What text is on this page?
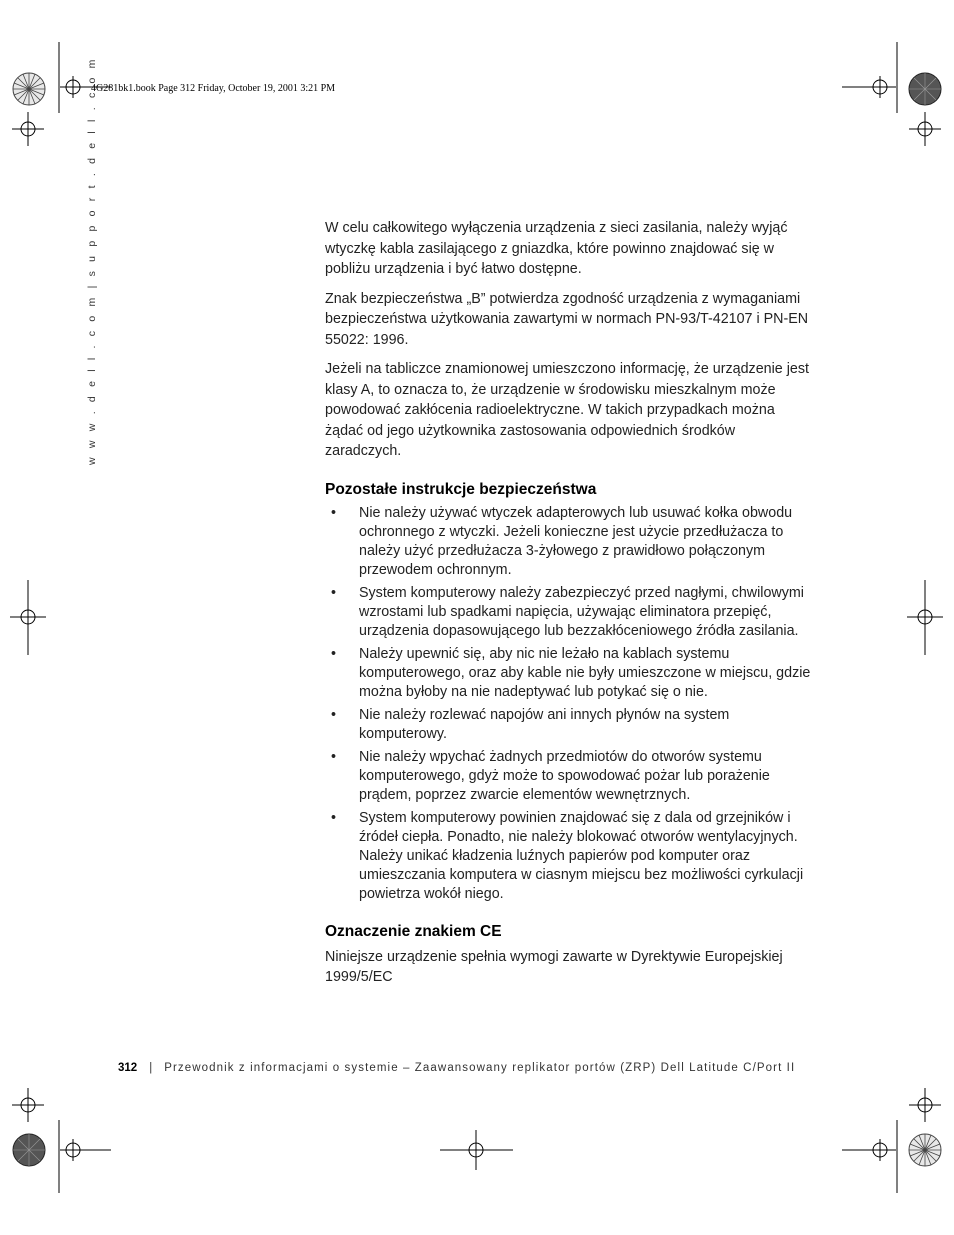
4G281bk1.book Page 312 Friday, October 19, 2001 3:21 PM
w w w . d e l l . c o m | s u p p o r t . d e l l . c o m	W celu całkowitego wyłączenia urządzenia z sieci zasilania, należy wyjąć wtyczkę kabla zasilającego z gniazdka, które powinno znajdować się w pobliżu urządzenia i być łatwo dostępne.

Znak bezpieczeństwa „B” potwierdza zgodność urządzenia z wymaganiami bezpieczeństwa użytkowania zawartymi w normach PN-93/T-42107 i PN-EN 55022: 1996.

Jeżeli na tabliczce znamionowej umieszczono informację, że urządzenie jest klasy A, to oznacza to, że urządzenie w środowisku mieszkalnym może powodować zakłócenia radioelektryczne. W takich przypadkach można żądać od jego użytkownika zastosowania odpowiednich środków zaradczych.

Pozostałe instrukcje bezpieczeństwa
• Nie należy używać wtyczek adapterowych lub usuwać kołka obwodu ochronnego z wtyczki. Jeżeli konieczne jest użycie przedłużacza to należy użyć przedłużacza 3-żyłowego z prawidłowo połączonym przewodem ochronnym.
• System komputerowy należy zabezpieczyć przed nagłymi, chwilowymi wzrostami lub spadkami napięcia, używając eliminatora przepięć, urządzenia dopasowującego lub bezzakłóceniowego źródła zasilania.
• Należy upewnić się, aby nic nie leżało na kablach systemu komputerowego, oraz aby kable nie były umieszczone w miejscu, gdzie można byłoby na nie nadeptywać lub potykać się o nie.
• Nie należy rozlewać napojów ani innych płynów na system komputerowy.
• Nie należy wpychać żadnych przedmiotów do otworów systemu komputerowego, gdyż może to spowodować pożar lub porażenie prądem, poprzez zwarcie elementów wewnętrznych.
• System komputerowy powinien znajdować się z dala od grzejników i źródeł ciepła. Ponadto, nie należy blokować otworów wentylacyjnych. Należy unikać kładzenia luźnych papierów pod komputer oraz umieszczania komputera w ciasnym miejscu bez możliwości cyrkulacji powietrza wokół niego.
Oznaczenie znakiem CE

Niniejsze urządzenie spełnia wymogi zawarte w Dyrektywie Europejskiej 1999/5/EC

312 | Przewodnik z informacjami o systemie – Zaawansowany replikator portów (ZRP) Dell Latitude C/Port II
